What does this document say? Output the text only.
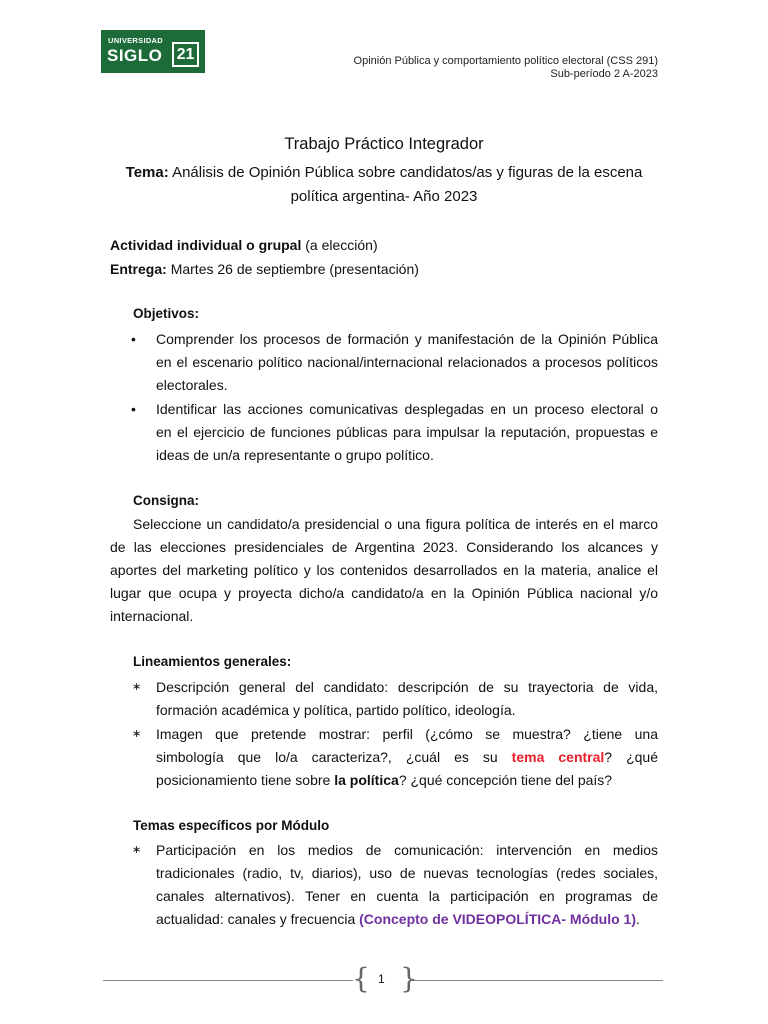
UNIVERSIDAD
SIGLO 21	Opinión Pública y comportamiento político electoral (CSS 291)
Sub-período 2 A-2023
Trabajo Práctico Integrador
Tema: Análisis de Opinión Pública sobre candidatos/as y figuras de la escena
política argentina- Año 2023
Actividad individual o grupal (a elección)
Entrega: Martes 26 de septiembre (presentación)
Objetivos:
• Comprender los procesos de formación y manifestación de la Opinión Pública
en el escenario político nacional/internacional relacionados a procesos políticos
electorales.
• Identificar las acciones comunicativas desplegadas en un proceso electoral o
en el ejercicio de funciones públicas para impulsar la reputación, propuestas e
ideas de un/a representante o grupo político.
Consigna:
Seleccione un candidato/a presidencial o una figura política de interés en el marco
de las elecciones presidenciales de Argentina 2023. Considerando los alcances y
aportes del marketing político y los contenidos desarrollados en la materia, analice el
lugar que ocupa y proyecta dicho/a candidato/a en la Opinión Pública nacional y/o
internacional.
Lineamientos generales:
∗ Descripción general del candidato: descripción de su trayectoria de vida,
formación académica y política, partido político, ideología.
∗ Imagen que pretende mostrar: perfil (¿cómo se muestra? ¿tiene una
simbología que lo/a caracteriza?, ¿cuál es su tema central? ¿qué
posicionamiento tiene sobre la política? ¿qué concepción tiene del país?
Temas específicos por Módulo
∗ Participación en los medios de comunicación: intervención en medios
tradicionales (radio, tv, diarios), uso de nuevas tecnologías (redes sociales,
canales alternativos). Tener en cuenta la participación en programas de
actualidad: canales y frecuencia (Concepto de VIDEOPOLÍTICA- Módulo 1).
{ }
1
